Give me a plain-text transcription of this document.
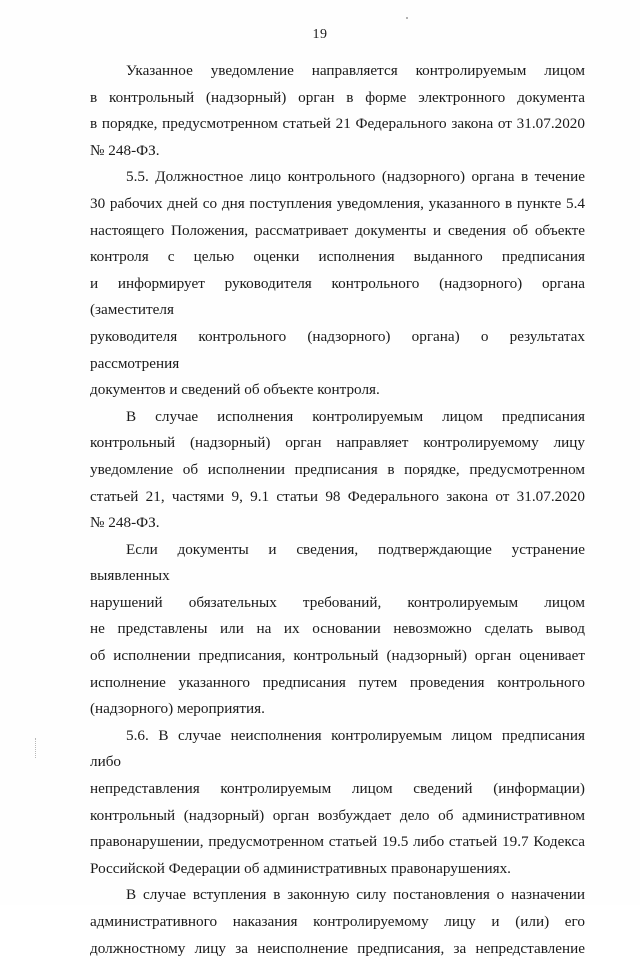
19

Указанное уведомление направляется контролируемым лицом
в контрольный (надзорный) орган в форме электронного документа
в порядке, предусмотренном статьей 21 Федерального закона от 31.07.2020
№ 248-ФЗ.

5.5. Должностное лицо контрольного (надзорного) органа в течение
30 рабочих дней со дня поступления уведомления, указанного в пункте 5.4
настоящего Положения, рассматривает документы и сведения об объекте
контроля с целью оценки исполнения выданного предписания
и информирует руководителя контрольного (надзорного) органа (заместителя
руководителя контрольного (надзорного) органа) о результатах рассмотрения
документов и сведений об объекте контроля.

В случае исполнения контролируемым лицом предписания
контрольный (надзорный) орган направляет контролируемому лицу
уведомление об исполнении предписания в порядке, предусмотренном
статьей 21, частями 9, 9.1 статьи 98 Федерального закона от 31.07.2020
№ 248-ФЗ.

Если документы и сведения, подтверждающие устранение выявленных
нарушений обязательных требований, контролируемым лицом
не представлены или на их основании невозможно сделать вывод
об исполнении предписания, контрольный (надзорный) орган оценивает
исполнение указанного предписания путем проведения контрольного
(надзорного) мероприятия.

5.6. В случае неисполнения контролируемым лицом предписания либо
непредставления контролируемым лицом сведений (информации)
контрольный (надзорный) орган возбуждает дело об административном
правонарушении, предусмотренном статьей 19.5 либо статьей 19.7 Кодекса
Российской Федерации об административных правонарушениях.

В случае вступления в законную силу постановления о назначении
административного наказания контролируемому лицу и (или) его
должностному лицу за неисполнение предписания, за непредставление
